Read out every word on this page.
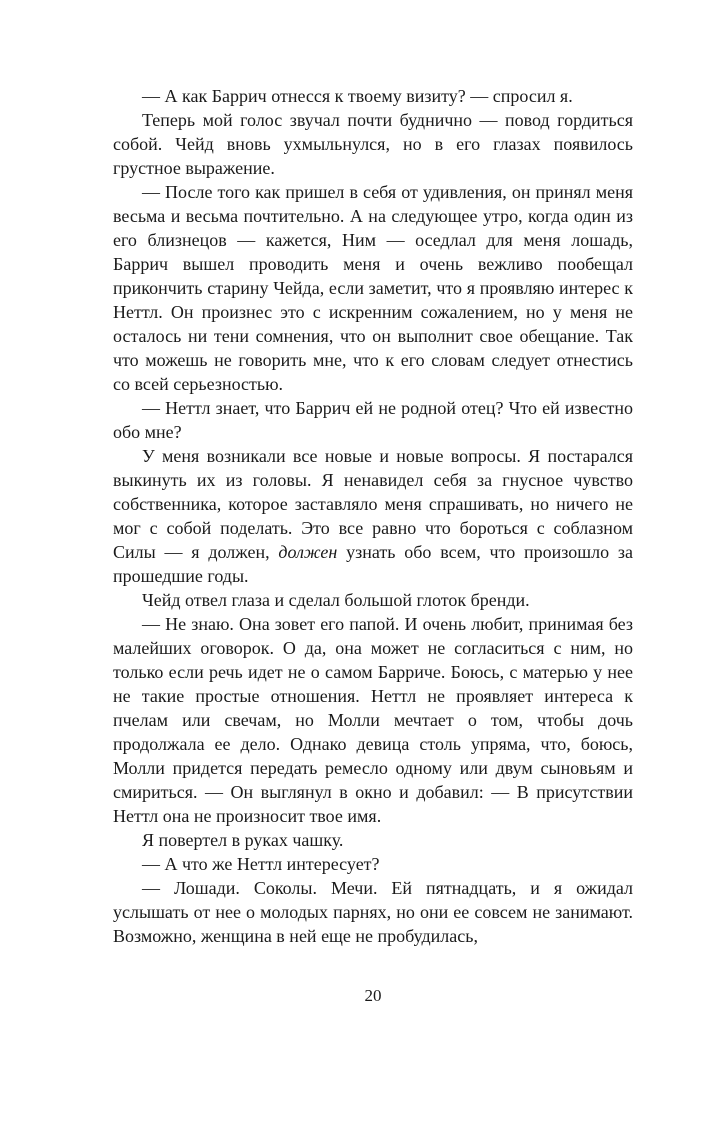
— А как Баррич отнесся к твоему визиту? — спросил я.

Теперь мой голос звучал почти буднично — повод гордиться собой. Чейд вновь ухмыльнулся, но в его глазах появилось грустное выражение.

— После того как пришел в себя от удивления, он принял меня весьма и весьма почтительно. А на следующее утро, когда один из его близнецов — кажется, Ним — оседлал для меня лошадь, Баррич вышел проводить меня и очень вежливо пообещал прикончить старину Чейда, если заметит, что я проявляю интерес к Неттл. Он произнес это с искренним сожалением, но у меня не осталось ни тени сомнения, что он выполнит свое обещание. Так что можешь не говорить мне, что к его словам следует отнестись со всей серьезностью.

— Неттл знает, что Баррич ей не родной отец? Что ей известно обо мне?

У меня возникали все новые и новые вопросы. Я постарался выкинуть их из головы. Я ненавидел себя за гнусное чувство собственника, которое заставляло меня спрашивать, но ничего не мог с собой поделать. Это все равно что бороться с соблазном Силы — я должен, должен узнать обо всем, что произошло за прошедшие годы.

Чейд отвел глаза и сделал большой глоток бренди.

— Не знаю. Она зовет его папой. И очень любит, принимая без малейших оговорок. О да, она может не согласиться с ним, но только если речь идет не о самом Барриче. Боюсь, с матерью у нее не такие простые отношения. Неттл не проявляет интереса к пчелам или свечам, но Молли мечтает о том, чтобы дочь продолжала ее дело. Однако девица столь упряма, что, боюсь, Молли придется передать ремесло одному или двум сыновьям и смириться. — Он выглянул в окно и добавил: — В присутствии Неттл она не произносит твое имя.

Я повертел в руках чашку.

— А что же Неттл интересует?

— Лошади. Соколы. Мечи. Ей пятнадцать, и я ожидал услышать от нее о молодых парнях, но они ее совсем не занимают. Возможно, женщина в ней еще не пробудилась,

20
